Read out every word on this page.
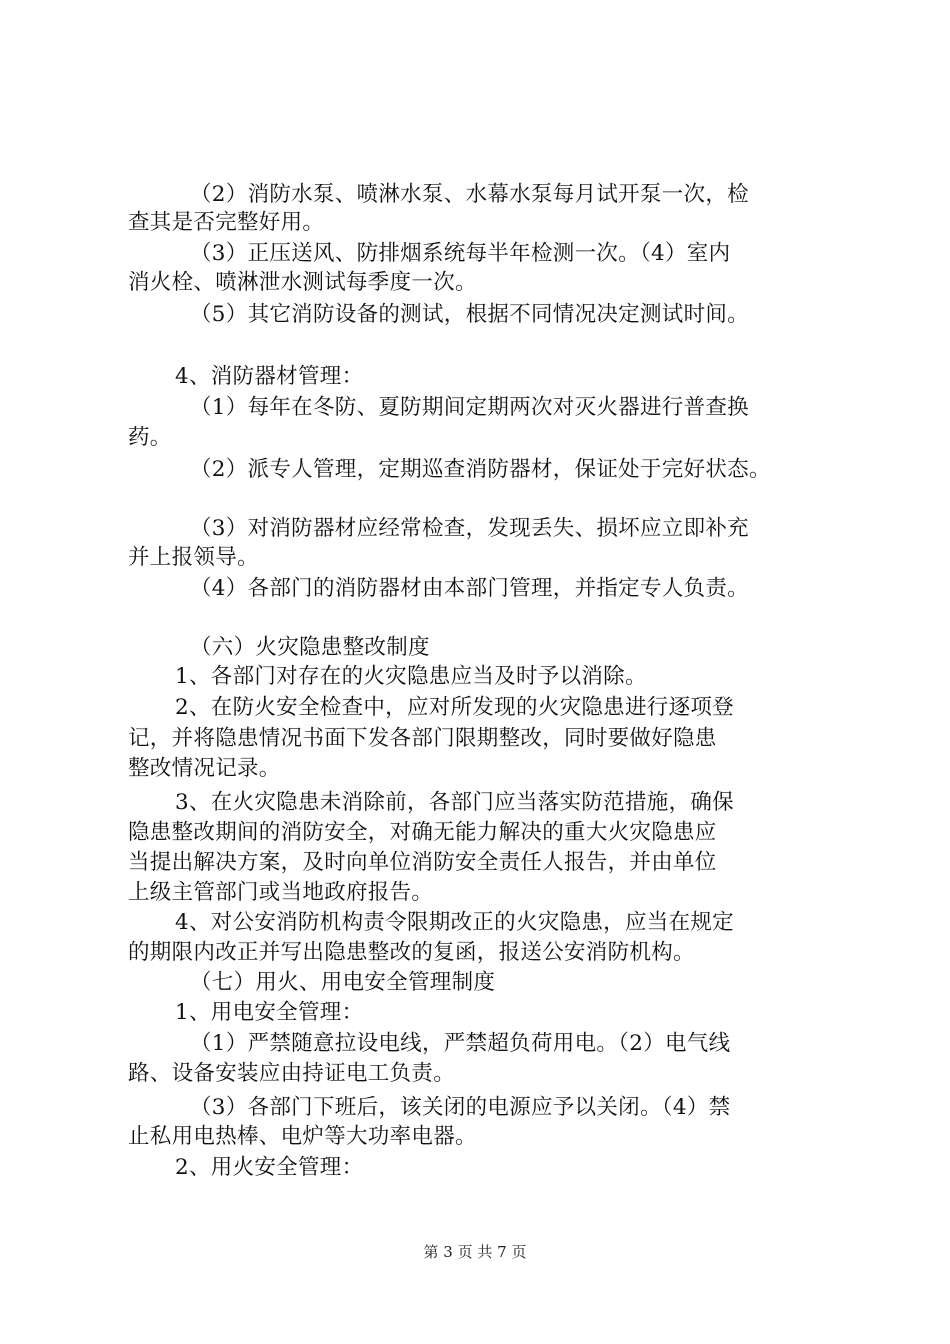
（2）消防水泵、喷淋水泵、水幕水泵每月试开泵一次，检
查其是否完整好用。
（3）正压送风、防排烟系统每半年检测一次。（4）室内
消火栓、喷淋泄水测试每季度一次。
（5）其它消防设备的测试，根据不同情况决定测试时间。
4、消防器材管理：
（1）每年在冬防、夏防期间定期两次对灭火器进行普查换
药。
（2）派专人管理，定期巡查消防器材，保证处于完好状态。
（3）对消防器材应经常检查，发现丢失、损坏应立即补充
并上报领导。
（4）各部门的消防器材由本部门管理，并指定专人负责。
（六）火灾隐患整改制度
1、各部门对存在的火灾隐患应当及时予以消除。
2、在防火安全检查中，应对所发现的火灾隐患进行逐项登
记，并将隐患情况书面下发各部门限期整改，同时要做好隐患
整改情况记录。
3、在火灾隐患未消除前，各部门应当落实防范措施，确保
隐患整改期间的消防安全，对确无能力解决的重大火灾隐患应
当提出解决方案，及时向单位消防安全责任人报告，并由单位
上级主管部门或当地政府报告。
4、对公安消防机构责令限期改正的火灾隐患，应当在规定
的期限内改正并写出隐患整改的复函，报送公安消防机构。
（七）用火、用电安全管理制度
1、用电安全管理：
（1）严禁随意拉设电线，严禁超负荷用电。（2）电气线
路、设备安装应由持证电工负责。
（3）各部门下班后，该关闭的电源应予以关闭。（4）禁
止私用电热棒、电炉等大功率电器。
2、用火安全管理：
第 3 页 共 7 页
